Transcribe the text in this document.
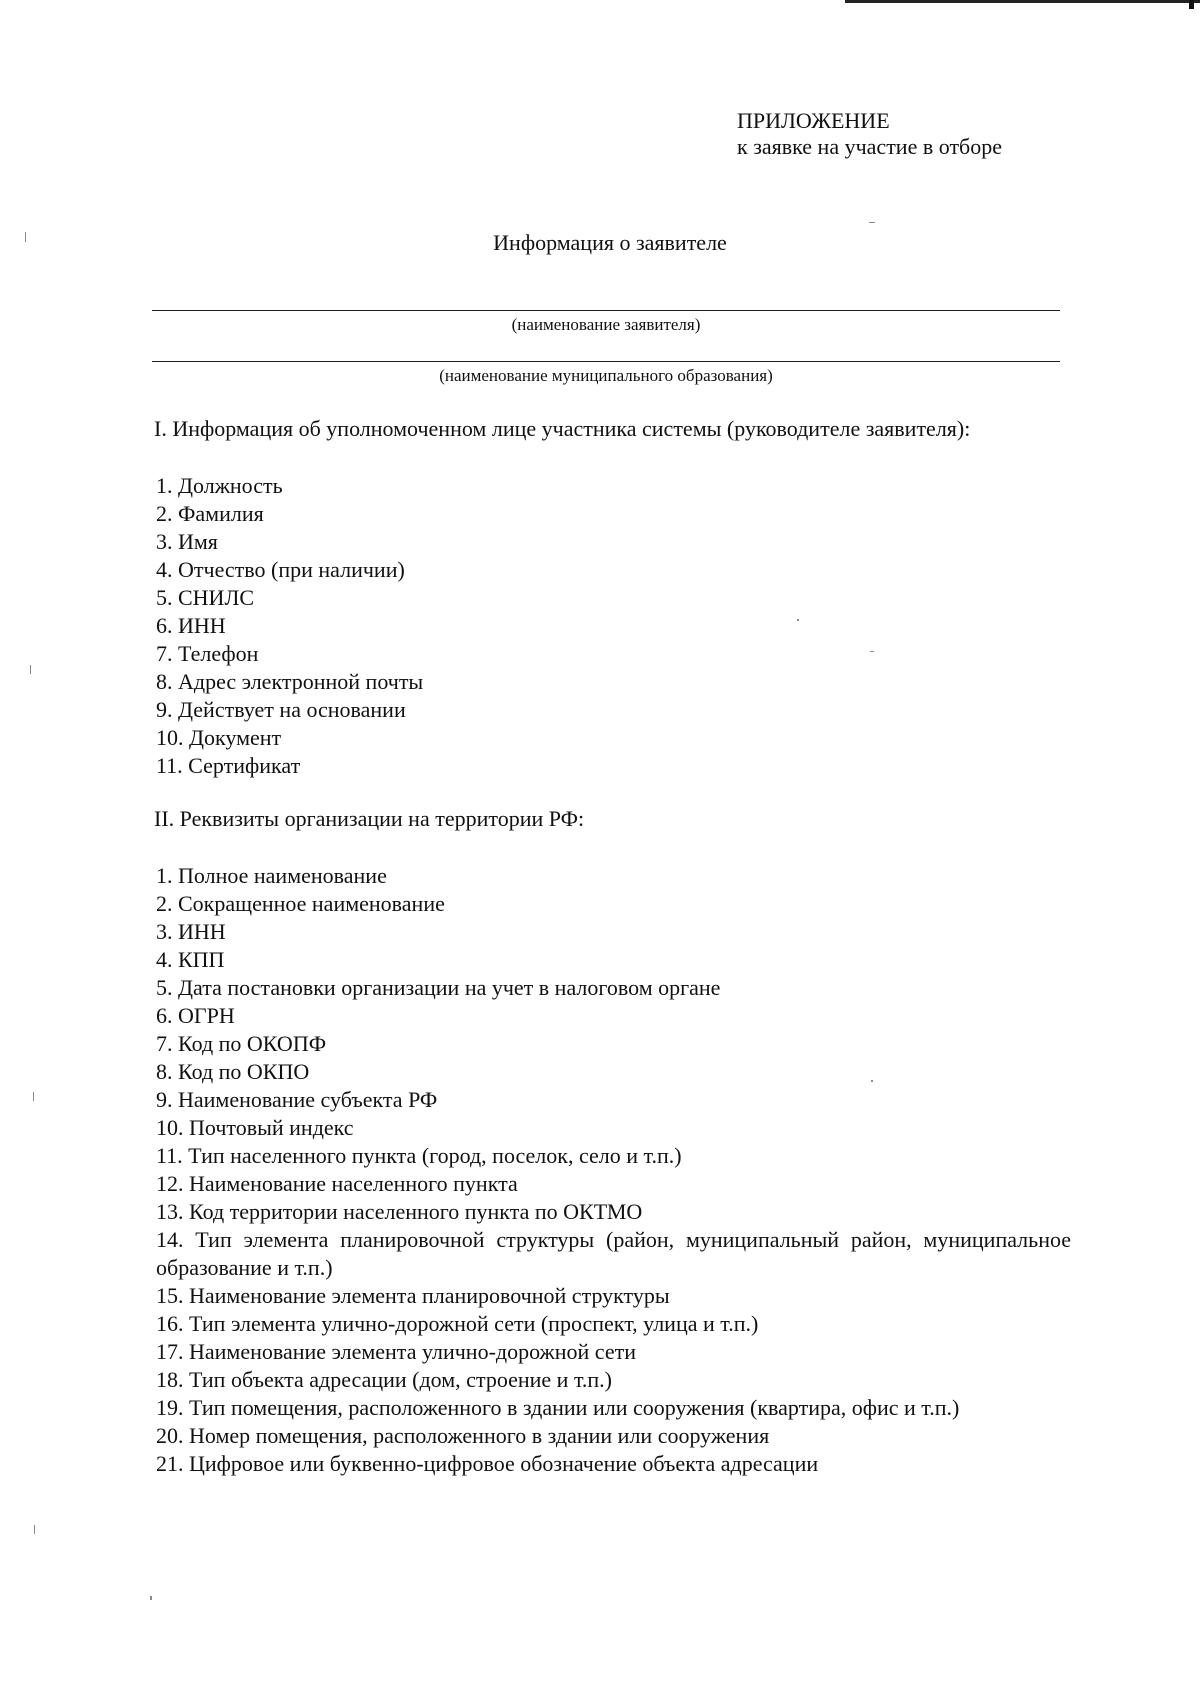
ПРИЛОЖЕНИЕ
к заявке на участие в отборе
Информация о заявителе
(наименование заявителя)
(наименование муниципального образования)
I. Информация об уполномоченном лице участника системы (руководителе заявителя):
1. Должность
2. Фамилия
3. Имя
4. Отчество (при наличии)
5. СНИЛС
6. ИНН
7. Телефон
8. Адрес электронной почты
9. Действует на основании
10. Документ
11. Сертификат
II. Реквизиты организации на территории РФ:
1. Полное наименование
2. Сокращенное наименование
3. ИНН
4. КПП
5. Дата постановки организации на учет в налоговом органе
6. ОГРН
7. Код по ОКОПФ
8. Код по ОКПО
9. Наименование субъекта РФ
10. Почтовый индекс
11. Тип населенного пункта (город, поселок, село и т.п.)
12. Наименование населенного пункта
13. Код территории населенного пункта по ОКТМО
14. Тип элемента планировочной структуры (район, муниципальный район, муниципальное образование и т.п.)
15. Наименование элемента планировочной структуры
16. Тип элемента улично-дорожной сети (проспект, улица и т.п.)
17. Наименование элемента улично-дорожной сети
18. Тип объекта адресации (дом, строение и т.п.)
19. Тип помещения, расположенного в здании или сооружения (квартира, офис и т.п.)
20. Номер помещения, расположенного в здании или сооружения
21. Цифровое или буквенно-цифровое обозначение объекта адресации
